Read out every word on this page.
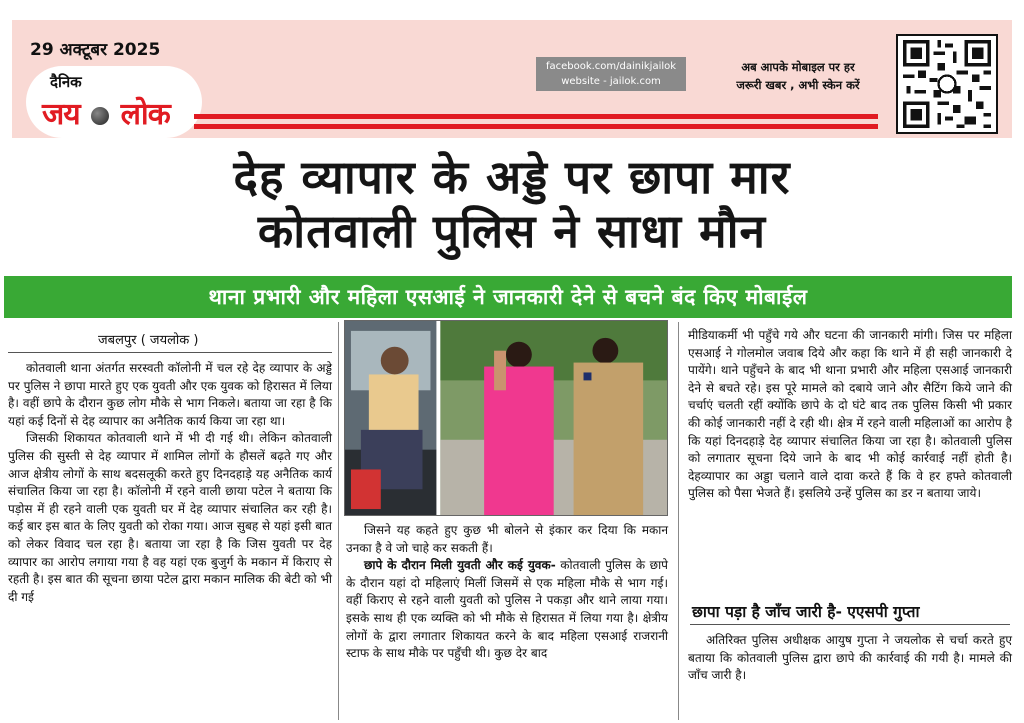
29 अक्टूबर 2025
दैनिक
जय लोक
facebook.com/dainikjailok
website - jailok.com
अब आपके मोबाइल पर हर
जरूरी खबर , अभी स्केन करें
देह व्यापार के अड्डे पर छापा मार
कोतवाली पुलिस ने साधा मौन
थाना प्रभारी और महिला एसआई ने जानकारी देने से बचने बंद किए मोबाईल
जबलपुर ( जयलोक )

कोतवाली थाना अंतर्गत सरस्वती कॉलोनी में चल रहे देह व्यापार के अड्डे पर पुलिस ने छापा मारते हुए एक युवती और एक युवक को हिरासत में लिया है। वहीं छापे के दौरान कुछ लोग मौके से भाग निकले। बताया जा रहा है कि यहां कई दिनों से देह व्यापार का अनैतिक कार्य किया जा रहा था।

जिसकी शिकायत कोतवाली थाने में भी दी गई थी। लेकिन कोतवाली पुलिस की सुस्ती से देह व्यापार में शामिल लोगों के हौसलें बढ़ते गए और आज क्षेत्रीय लोगों के साथ बदसलूकी करते हुए दिनदहाड़े यह अनैतिक कार्य संचालित किया जा रहा है। कॉलोनी में रहने वाली छाया पटेल ने बताया कि पड़ोस में ही रहने वाली एक युवती घर में देह व्यापार संचालित कर रही है। कई बार इस बात के लिए युवती को रोका गया। आज सुबह से यहां इसी बात को लेकर विवाद चल रहा है। बताया जा रहा है कि जिस युवती पर देह व्यापार का आरोप लगाया गया है वह यहां एक बुजुर्ग के मकान में किराए से रहती है। इस बात की सूचना छाया पटेल द्वारा मकान मालिक की बेटी को भी दी गई

जिसने यह कहते हुए कुछ भी बोलने से इंकार कर दिया कि मकान उनका है वे जो चाहे कर सकती हैं।

छापे के दौरान मिली युवती और कई युवक- कोतवाली पुलिस के छापे के दौरान यहां दो महिलाएं मिलीं जिसमें से एक महिला मौके से भाग गई। वहीं किराए से रहने वाली युवती को पुलिस ने पकड़ा और थाने लाया गया। इसके साथ ही एक व्यक्ति को भी मौके से हिरासत में लिया गया है। क्षेत्रीय लोगों के द्वारा लगातार शिकायत करने के बाद महिला एसआई राजरानी स्टाफ के साथ मौके पर पहुँची थी। कुछ देर बाद

मीडियाकर्मी भी पहुँचे गये और घटना की जानकारी मांगी। जिस पर महिला एसआई ने गोलमोल जवाब दिये और कहा कि थाने में ही सही जानकारी दे पायेंगे। थाने पहुँचने के बाद भी थाना प्रभारी और महिला एसआई जानकारी देने से बचते रहे। इस पूरे मामले को दबाये जाने और सैटिंग किये जाने की चर्चाएं चलती रहीं क्योंकि छापे के दो घंटे बाद तक पुलिस किसी भी प्रकार की कोई जानकारी नहीं दे रही थी। क्षेत्र में रहने वाली महिलाओं का आरोप है कि यहां दिनदहाड़े देह व्यापार संचालित किया जा रहा है। कोतवाली पुलिस को लगातार सूचना दिये जाने के बाद भी कोई कार्रवाई नहीं होती है। देहव्यापार का अड्डा चलाने वाले दावा करते हैं कि वे हर हफ्ते कोतवाली पुलिस को पैसा भेजते हैं। इसलिये उन्हें पुलिस का डर न बताया जाये।

छापा पड़ा है जाँच जारी है- एएसपी गुप्ता

अतिरिक्त पुलिस अधीक्षक आयुष गुप्ता ने जयलोक से चर्चा करते हुए बताया कि कोतवाली पुलिस द्वारा छापे की कार्रवाई की गयी है। मामले की जाँच जारी है।
